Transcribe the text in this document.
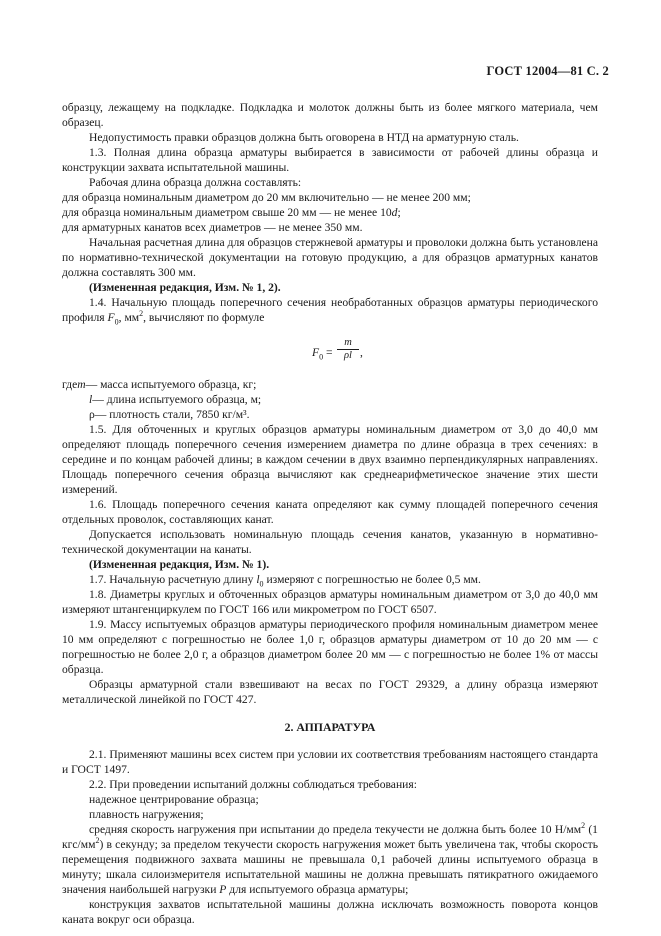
ГОСТ 12004—81 С. 2

образцу, лежащему на подкладке. Подкладка и молоток должны быть из более мягкого материала, чем образец.

Недопустимость правки образцов должна быть оговорена в НТД на арматурную сталь.

1.3. Полная длина образца арматуры выбирается в зависимости от рабочей длины образца и конструкции захвата испытательной машины.

Рабочая длина образца должна составлять:

для образца номинальным диаметром до 20 мм включительно — не менее 200 мм;

для образца номинальным диаметром свыше 20 мм — не менее 10d;

для арматурных канатов всех диаметров — не менее 350 мм.

Начальная расчетная длина для образцов стержневой арматуры и проволоки должна быть установлена по нормативно-технической документации на готовую продукцию, а для образцов арматурных канатов должна составлять 300 мм.

(Измененная редакция, Изм. № 1, 2).

1.4. Начальную площадь поперечного сечения необработанных образцов арматуры периодического профиля $F_0$, $мм^2$, вычисляют по формуле

$F_0 = \frac{m}{\rho l}$ ,
где m — масса испытуемого образца, кг;
l — длина испытуемого образца, м;
ρ — плотность стали, 7850 кг/м³.

1.5. Для обточенных и круглых образцов арматуры номинальным диаметром от 3,0 до 40,0 мм определяют площадь поперечного сечения измерением диаметра по длине образца в трех сечениях: в середине и по концам рабочей длины; в каждом сечении в двух взаимно перпендикулярных направлениях. Площадь поперечного сечения образца вычисляют как среднеарифметическое значение этих шести измерений.

1.6. Площадь поперечного сечения каната определяют как сумму площадей поперечного сечения отдельных проволок, составляющих канат.

Допускается использовать номинальную площадь сечения канатов, указанную в нормативно-технической документации на канаты.

(Измененная редакция, Изм. № 1).

1.7. Начальную расчетную длину $l_0$ измеряют с погрешностью не более 0,5 мм.

1.8. Диаметры круглых и обточенных образцов арматуры номинальным диаметром от 3,0 до 40,0 мм измеряют штангенциркулем по ГОСТ 166 или микрометром по ГОСТ 6507.

1.9. Массу испытуемых образцов арматуры периодического профиля номинальным диаметром менее 10 мм определяют с погрешностью не более 1,0 г, образцов арматуры диаметром от 10 до 20 мм — с погрешностью не более 2,0 г, а образцов диаметром более 20 мм — с погрешностью не более 1% от массы образца.

Образцы арматурной стали взвешивают на весах по ГОСТ 29329, а длину образца измеряют металлической линейкой по ГОСТ 427.

2. АППАРАТУРА

2.1. Применяют машины всех систем при условии их соответствия требованиям настоящего стандарта и ГОСТ 1497.

2.2. При проведении испытаний должны соблюдаться требования:

надежное центрирование образца;

плавность нагружения;

средняя скорость нагружения при испытании до предела текучести не должна быть более 10 $Н/мм^2$ (1 кгс/$мм^2$) в секунду; за пределом текучести скорость нагружения может быть увеличена так, чтобы скорость перемещения подвижного захвата машины не превышала 0,1 рабочей длины испытуемого образца в минуту; шкала силоизмерителя испытательной машины не должна превышать пятикратного ожидаемого значения наибольшей нагрузки P для испытуемого образца арматуры;

конструкция захватов испытательной машины должна исключать возможность поворота концов каната вокруг оси образца.
